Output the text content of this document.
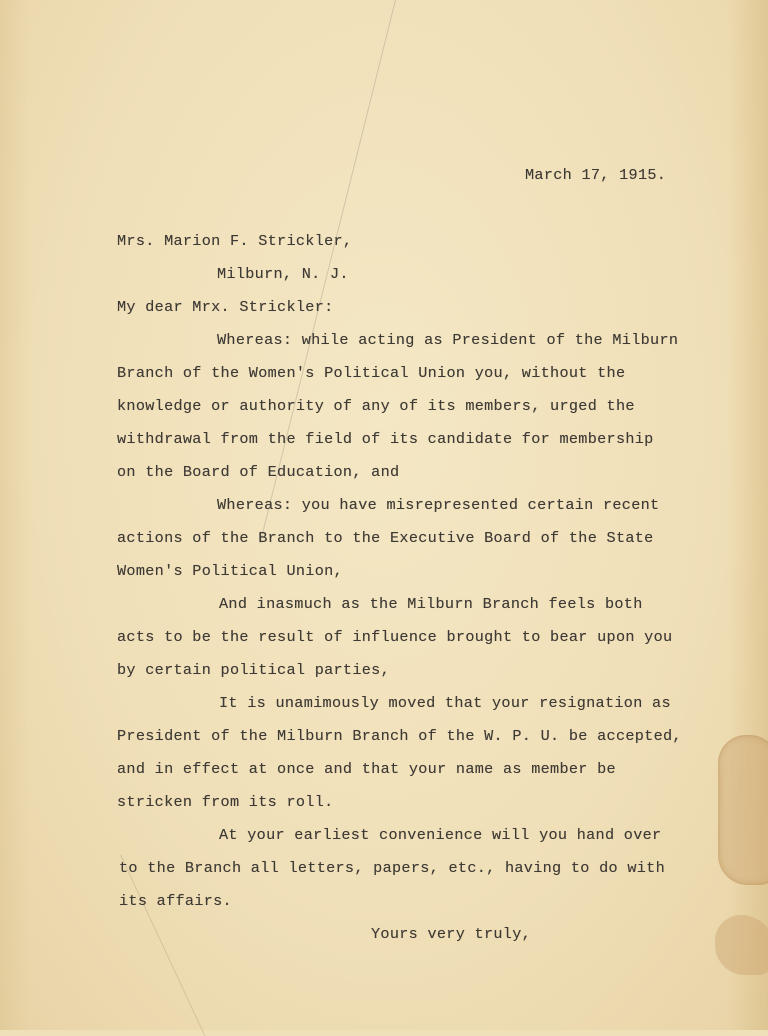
March 17, 1915.
Mrs. Marion F. Strickler,
Milburn, N. J.
My dear Mrx. Strickler:
Whereas: while acting as President of the Milburn
Branch of the Women's Political Union you, without the
knowledge or authority of any of its members, urged the
withdrawal from the field of its candidate for membership
on the Board of Education, and
Whereas: you have misrepresented certain recent
actions of the Branch to the Executive Board of the State
Women's Political Union,
And inasmuch as the Milburn Branch feels both
acts to be the result of influence brought to bear upon you
by certain political parties,
It is unamimously moved that your resignation as
President of the Milburn Branch of the W. P. U. be accepted,
and in effect at once and that your name as member be
stricken from its roll.
At your earliest convenience will you hand over
to the Branch all letters, papers, etc., having to do with
its affairs.
Yours very truly,
